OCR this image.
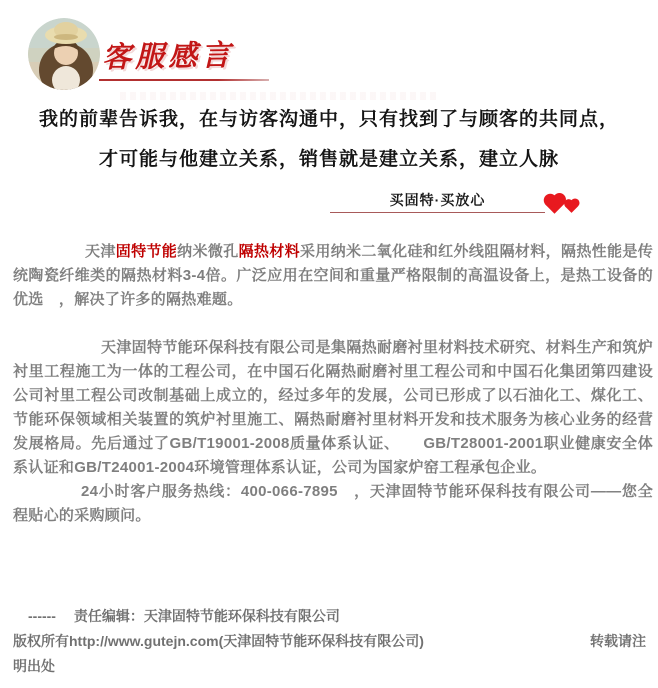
客服感言
我的前辈告诉我，在与访客沟通中，只有找到了与顾客的共同点，
才可能与他建立关系，销售就是建立关系，建立人脉
买固特·买放心

天津固特节能纳米微孔隔热材料采用纳米二氧化硅和红外线阻隔材料，隔热性能是传统陶瓷纤维类的隔热材料3-4倍。广泛应用在空间和重量严格限制的高温设备上，是热工设备的优选　，解决了许多的隔热难题。

天津固特节能环保科技有限公司是集隔热耐磨衬里材料技术研究、材料生产和筑炉衬里工程施工为一体的工程公司，在中国石化隔热耐磨衬里工程公司和中国石化集团第四建设公司衬里工程公司改制基础上成立的，经过多年的发展，公司已形成了以石油化工、煤化工、节能环保领域相关装置的筑炉衬里施工、隔热耐磨衬里材料开发和技术服务为核心业务的经营发展格局。先后通过了GB/T19001-2008质量体系认证、　　GB/T28001-2001职业健康安全体系认证和GB/T24001-2004环境管理体系认证，公司为国家炉窑工程承包企业。

24小时客户服务热线：400-066-7895　，天津固特节能环保科技有限公司——您全程贴心的采购顾问。

------　 责任编辑：天津固特节能环保科技有限公司
版权所有http://www.gutejn.com(天津固特节能环保科技有限公司)	转载请注
明出处
